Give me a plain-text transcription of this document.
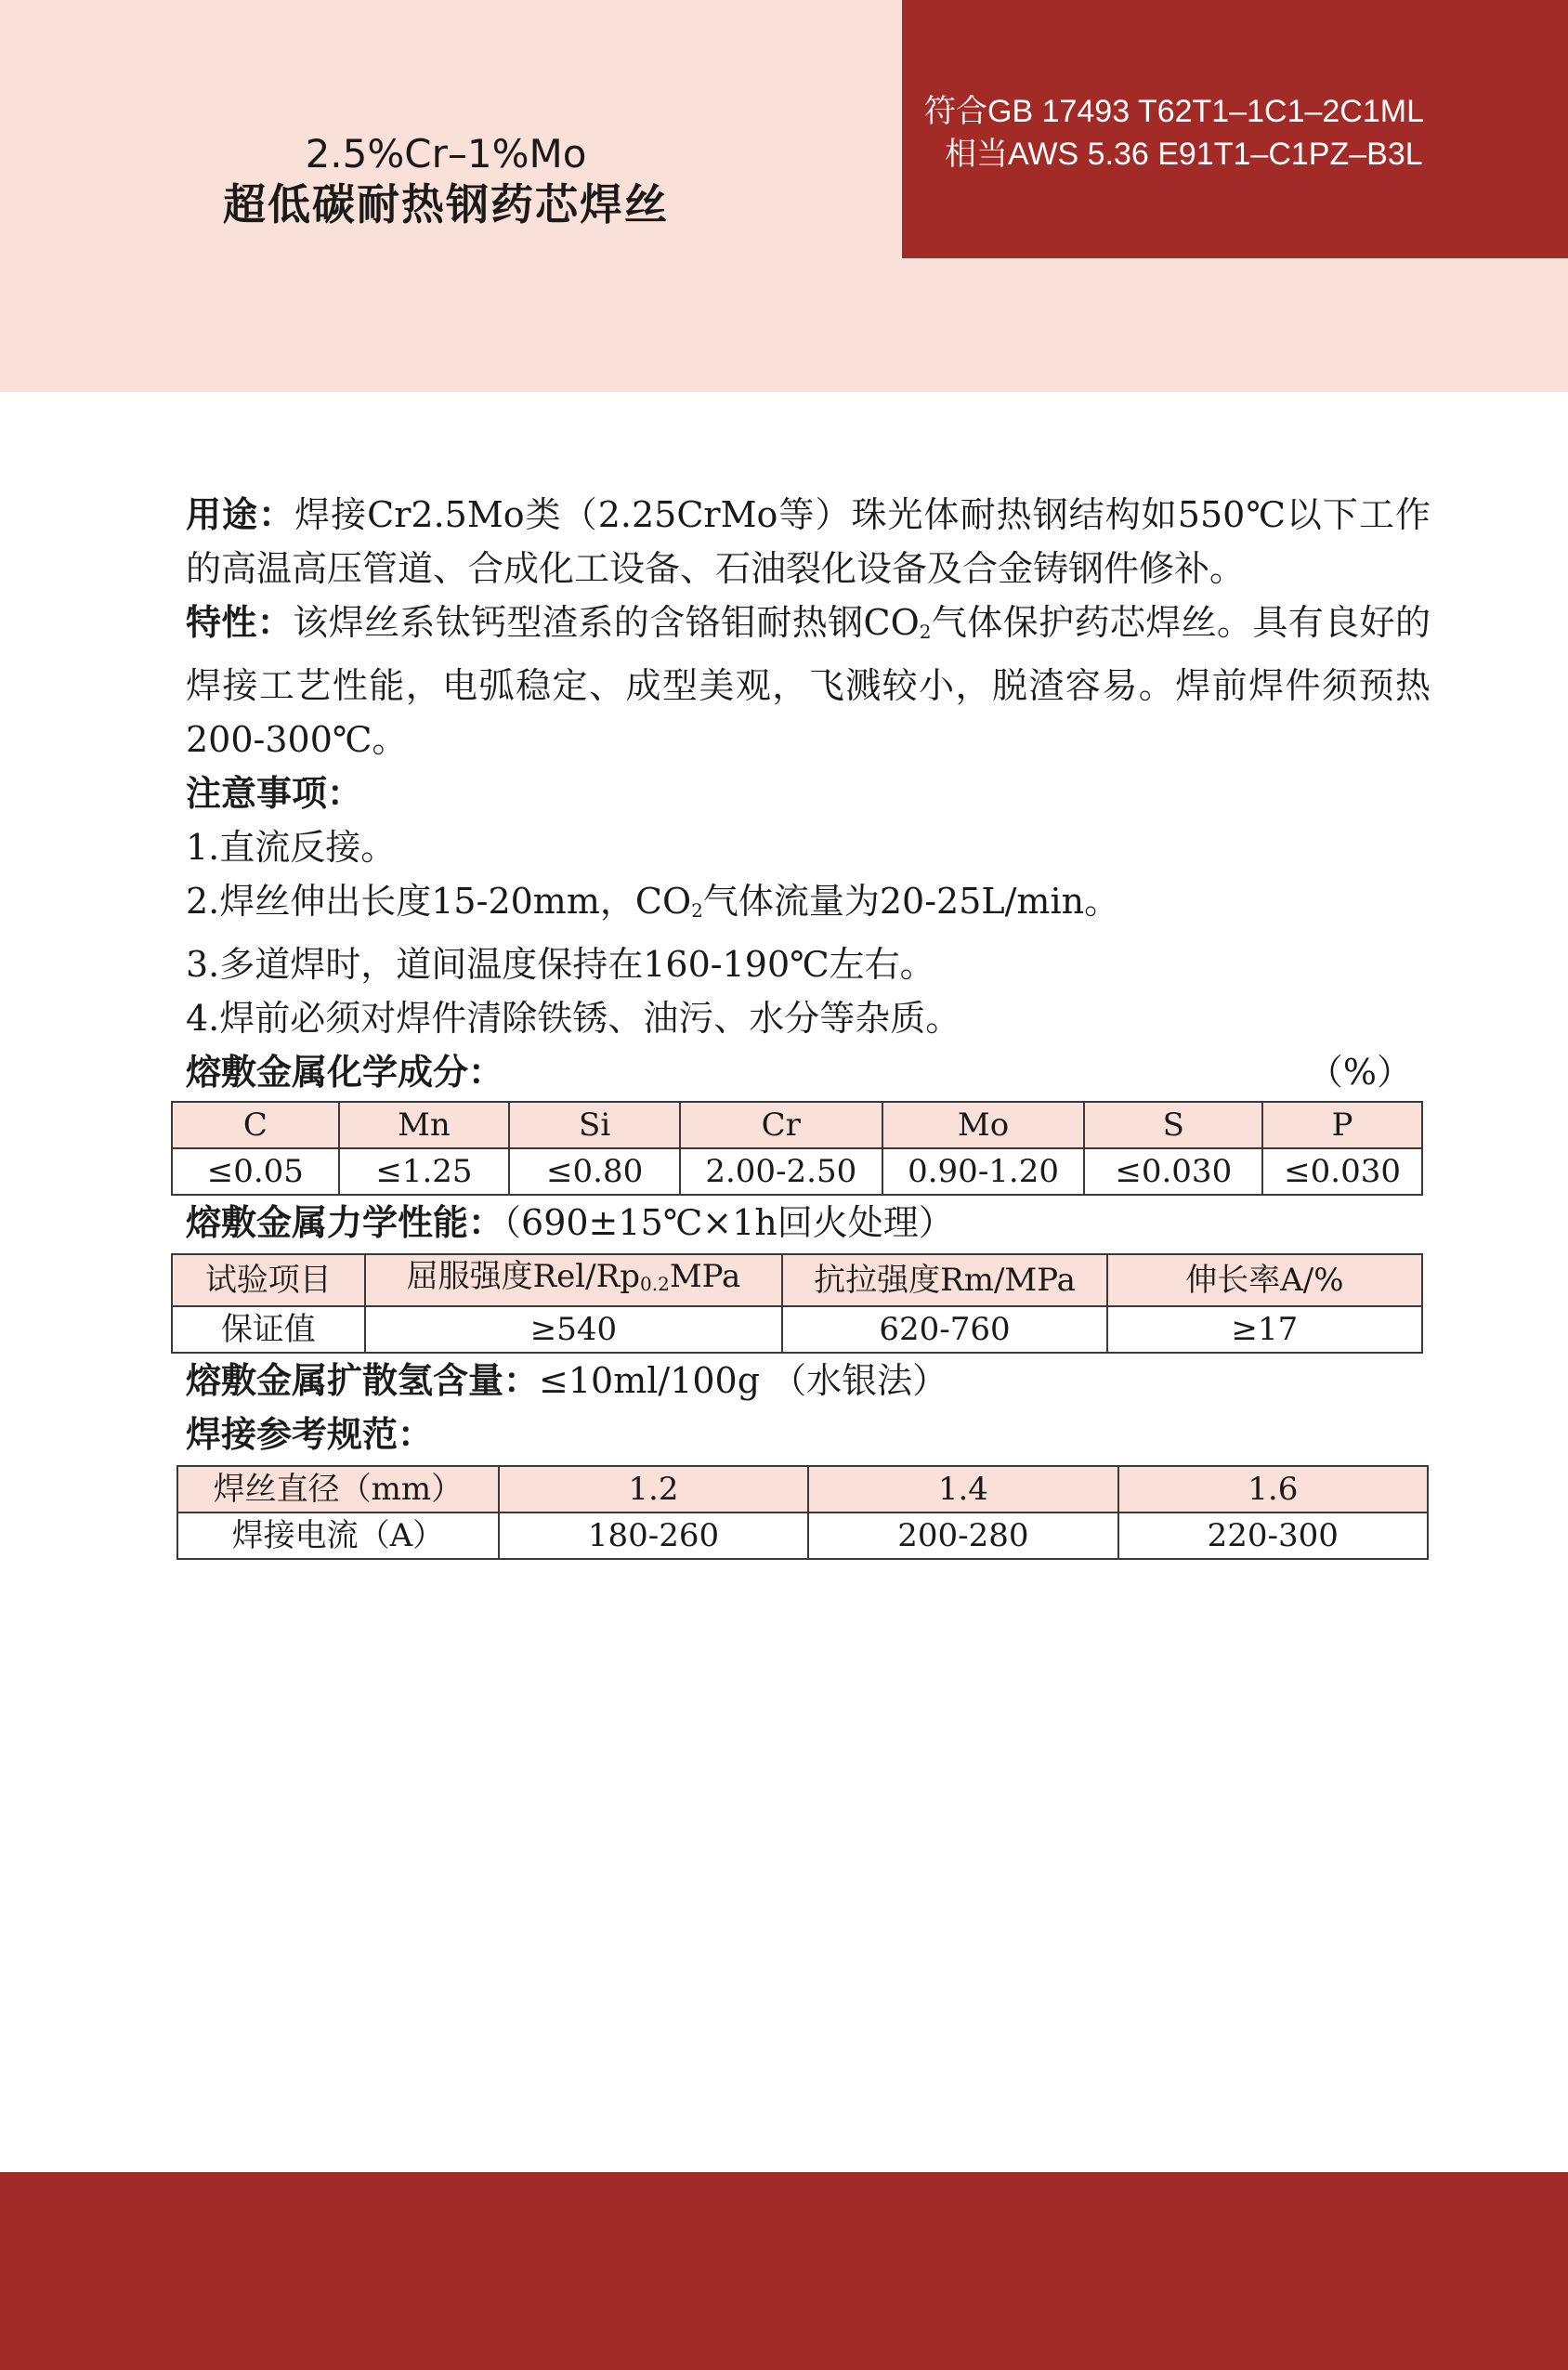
2.5%Cr–1%Mo
超低碳耐热钢药芯焊丝
符合GB 17493 T62T1–1C1–2C1ML
相当AWS 5.36 E91T1–C1PZ–B3L

用途：焊接Cr2.5Mo类（2.25CrMo等）珠光体耐热钢结构如550℃以下工作的高温高压管道、合成化工设备、石油裂化设备及合金铸钢件修补。

特性：该焊丝系钛钙型渣系的含铬钼耐热钢$CO_2$气体保护药芯焊丝。具有良好的焊接工艺性能，电弧稳定、成型美观，飞溅较小，脱渣容易。焊前焊件须预热200-300℃。

注意事项：

1.直流反接。

2.焊丝伸出长度15-20mm，$CO_2$气体流量为20-25L/min。

3.多道焊时，道间温度保持在160-190℃左右。

4.焊前必须对焊件清除铁锈、油污、水分等杂质。

熔敷金属化学成分：	（%）

C	Mn	Si	Cr	Mo	S	P
≤0.05	≤1.25	≤0.80	2.00-2.50	0.90-1.20	≤0.030	≤0.030

熔敷金属力学性能：（690±15℃×1h回火处理）

试验项目	屈服强度Rel/$Rp_{0.2}MPa$	抗拉强度Rm/MPa	伸长率A/%
保证值	≥540	620-760	≥17

熔敷金属扩散氢含量：≤10ml/100g （水银法）

焊接参考规范：

焊丝直径（mm）	1.2	1.4	1.6
焊接电流（A）	180-260	200-280	220-300
